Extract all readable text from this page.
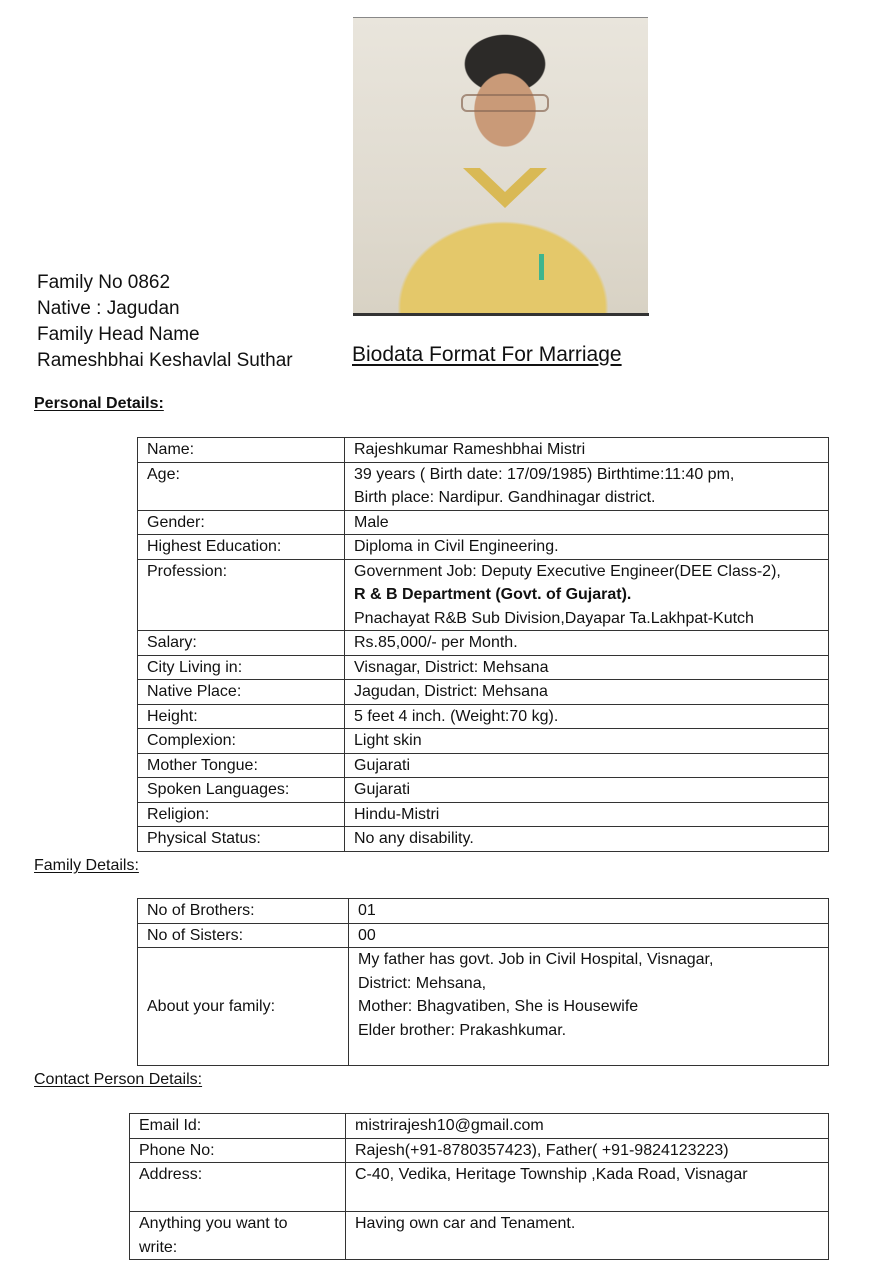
Family No 0862
Native : Jagudan
Family Head Name
Rameshbhai Keshavlal Suthar	Biodata Format For Marriage
Personal Details:
Name:	Rajeshkumar Rameshbhai Mistri

Age:	39 years ( Birth date: 17/09/1985) Birthtime:11:40 pm,
Birth place: Nardipur. Gandhinagar district.

Gender:	Male

Highest Education:	Diploma in Civil Engineering.

Profession:	Government Job: Deputy Executive Engineer(DEE Class-2),
R & B Department (Govt. of Gujarat).
Pnachayat R&B Sub Division,Dayapar Ta.Lakhpat-Kutch

Salary:	Rs.85,000/- per Month.

City Living in:	Visnagar, District: Mehsana

Native Place:	Jagudan, District: Mehsana

Height:	5 feet 4 inch. (Weight:70 kg).

Complexion:	Light skin

Mother Tongue:	Gujarati

Spoken Languages:	Gujarati

Religion:	Hindu-Mistri

Physical Status:	No any disability.
Family Details:
No of Brothers:	01

No of Sisters:	00

About your family:	My father has govt. Job in Civil Hospital, Visnagar,
District: Mehsana,
Mother: Bhagvatiben, She is Housewife
Elder brother: Prakashkumar.
Contact Person Details:
Email Id:	mistrirajesh10@gmail.com

Phone No:	Rajesh(+91-8780357423), Father( +91-9824123223)

Address:	C-40, Vedika, Heritage Township ,Kada Road, Visnagar

Anything you want to
write:	Having own car and Tenament.
